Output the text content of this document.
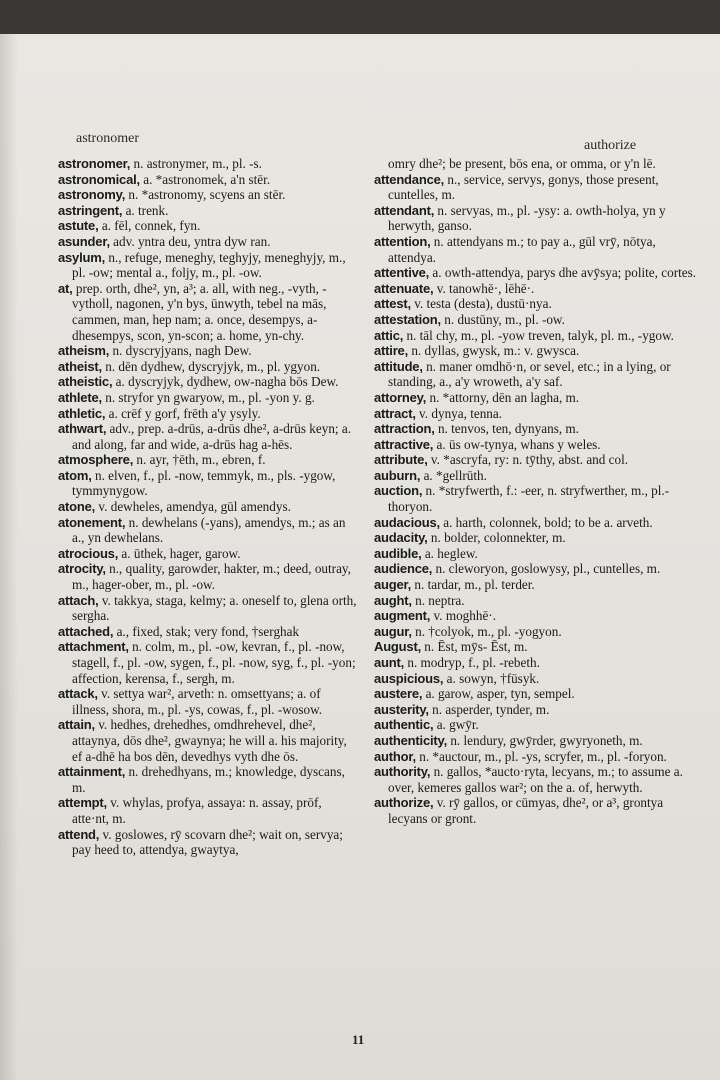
astronomer	authorize

astronomer, n. astronymer, m., pl. -s.

astronomical, a. *astronomek, a'n stēr.

astronomy, n. *astronomy, scyens an stēr.

astringent, a. trenk.

astute, a. fēl, connek, fyn.

asunder, adv. yntra deu, yntra dyw ran.

asylum, n., refuge, meneghy, teghyjy, meneghyjy, m., pl. -ow; mental a., foljy, m., pl. -ow.

at, prep. orth, dhe², yn, a³; a. all, with neg., -vyth, -vytholl, nagonen, y'n bys, ūnwyth, tebel na mās, cammen, man, hep nam; a. once, desempys, a-dhesempys, scon, yn-scon; a. home, yn-chy.

atheism, n. dyscryjyans, nagh Dew.

atheist, n. dēn dydhew, dyscryjyk, m., pl. ygyon.

atheistic, a. dyscryjyk, dydhew, ow-nagha bōs Dew.

athlete, n. stryfor yn gwaryow, m., pl. -yon y. g.

athletic, a. crēf y gorf, frēth a'y ysyly.

athwart, adv., prep. a-drūs, a-drūs dhe², a-drūs keyn; a. and along, far and wide, a-drūs hag a-hēs.

atmosphere, n. ayr, †ēth, m., ebren, f.

atom, n. elven, f., pl. -now, temmyk, m., pls. -ygow, tymmynygow.

atone, v. dewheles, amendya, gūl amendys.

atonement, n. dewhelans (-yans), amendys, m.; as an a., yn dewhelans.

atrocious, a. ūthek, hager, garow.

atrocity, n., quality, garowder, hakter, m.; deed, outray, m., hager-ober, m., pl. -ow.

attach, v. takkya, staga, kelmy; a. oneself to, glena orth, sergha.

attached, a., fixed, stak; very fond, †serghak

attachment, n. colm, m., pl. -ow, kevran, f., pl. -now, stagell, f., pl. -ow, sygen, f., pl. -now, syg, f., pl. -yon; affection, kerensa, f., sergh, m.

attack, v. settya war², arveth: n. omsettyans; a. of illness, shora, m., pl. -ys, cowas, f., pl. -wosow.

attain, v. hedhes, drehedhes, omdhrehevel, dhe², attaynya, dōs dhe², gwaynya; he will a. his majority, ef a-dhē ha bos dēn, devedhys vyth dhe ōs.

attainment, n. drehedhyans, m.; knowledge, dyscans, m.

attempt, v. whylas, profya, assaya: n. assay, prōf, atte·nt, m.

attend, v. goslowes, rȳ scovarn dhe²; wait on, servya; pay heed to, attendya, gwaytya,

omry dhe²; be present, bōs ena, or omma, or y'n lē.

attendance, n., service, servys, gonys, those present, cuntelles, m.

attendant, n. servyas, m., pl. -ysy: a. owth-holya, yn y herwyth, ganso.

attention, n. attendyans m.; to pay a., gūl vrȳ, nōtya, attendya.

attentive, a. owth-attendya, parys dhe avȳsya; polite, cortes.

attenuate, v. tanowhē·, lēhē·.

attest, v. testa (desta), dustū·nya.

attestation, n. dustūny, m., pl. -ow.

attic, n. tāl chy, m., pl. -yow treven, talyk, pl. m., -ygow.

attire, n. dyllas, gwysk, m.: v. gwysca.

attitude, n. maner omdhō·n, or sevel, etc.; in a lying, or standing, a., a'y wroweth, a'y saf.

attorney, n. *attorny, dēn an lagha, m.

attract, v. dynya, tenna.

attraction, n. tenvos, ten, dynyans, m.

attractive, a. ūs ow-tynya, whans y weles.

attribute, v. *ascryfa, ry: n. tȳthy, abst. and col.

auburn, a. *gellrūth.

auction, n. *stryfwerth, f.: -eer, n. stryfwerther, m., pl.-thoryon.

audacious, a. harth, colonnek, bold; to be a. arveth.

audacity, n. bolder, colonnekter, m.

audible, a. heglew.

audience, n. cleworyon, goslowysy, pl., cuntelles, m.

auger, n. tardar, m., pl. terder.

aught, n. neptra.

augment, v. moghhē·.

augur, n. †colyok, m., pl. -yogyon.

August, n. Ēst, mȳs- Ēst, m.

aunt, n. modryp, f., pl. -rebeth.

auspicious, a. sowyn, †fūsyk.

austere, a. garow, asper, tyn, sempel.

austerity, n. asperder, tynder, m.

authentic, a. gwȳr.

authenticity, n. lendury, gwȳrder, gwyryoneth, m.

author, n. *auctour, m., pl. -ys, scryfer, m., pl. -foryon.

authority, n. gallos, *aucto·ryta, lecyans, m.; to assume a. over, kemeres gallos war²; on the a. of, herwyth.

authorize, v. rȳ gallos, or cūmyas, dhe², or a³, grontya lecyans or gront.

11
